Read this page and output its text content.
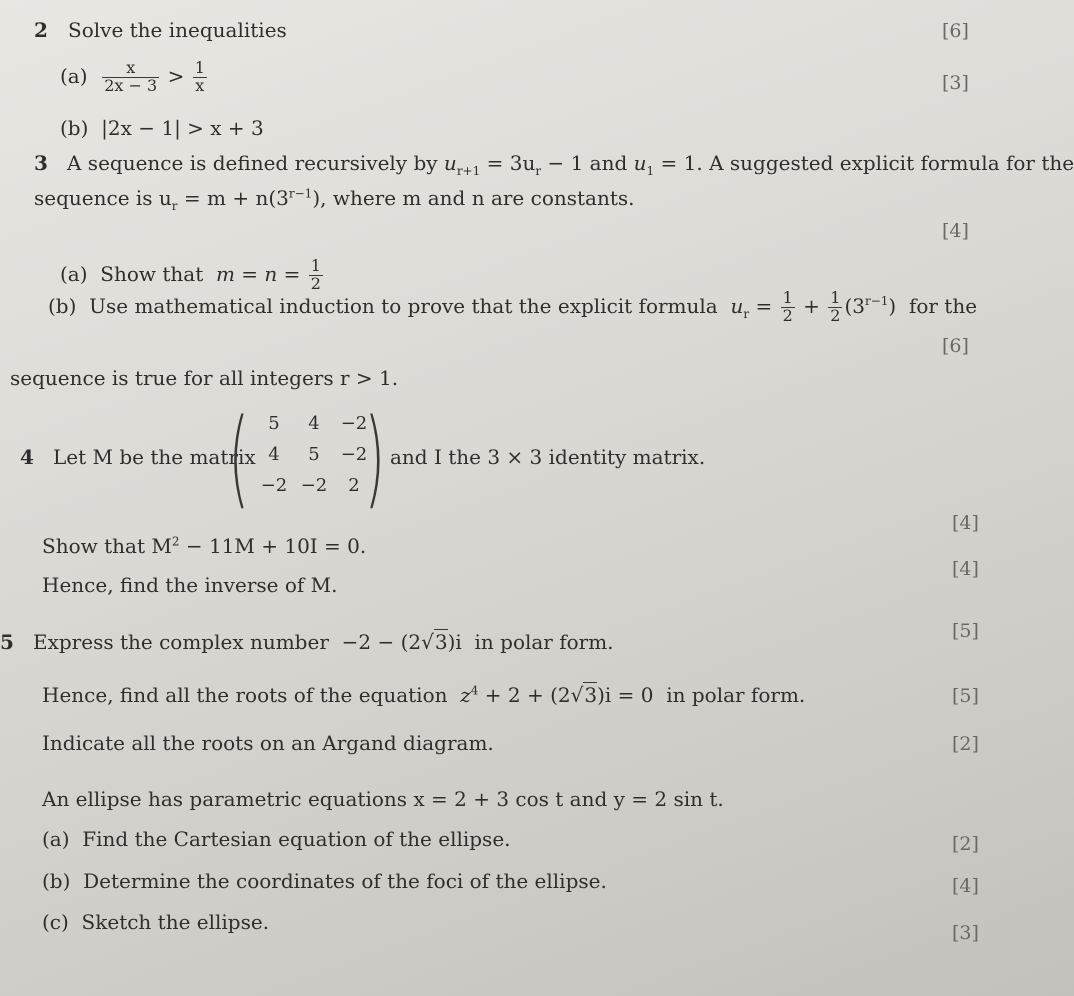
2 Solve the inequalities	[6]
$(a) \frac{x}{2x - 3} > \frac{1}{x}$	[3]
(b) |2x − 1| > x + 3
3 A sequence is defined recursively by $u_{r+1} = 3u_r - 1$ and $u_1 = 1$. A suggested explicit formula for the
sequence is $u_r = m + n(3^{r-1})$, where m and n are constants.
[4]
(a) Show that $m = n = \frac{1}{2}$
(b) Use mathematical induction to prove that the explicit formula $u_r = \frac{1}{2} + \frac{1}{2} (3^{r-1})$ for the
[6]
sequence is true for all integers r > 1.
4 Let M be the matrix
(	5	4	−2
4	5	−2
−2 −2	2 ) and I the 3 × 3 identity matrix.
Show that $M^2 - 11M + 10I = 0$.
[4]
Hence, find the inverse of M.
[4]
5 Express the complex number −2 − (2√3)i in polar form.	[5]
Hence, find all the roots of the equation $z^4 + 2 + (2√3)i = 0$ in polar form.	[5]
Indicate all the roots on an Argand diagram.	[2]
An ellipse has parametric equations x = 2 + 3 cos t and y = 2 sin t.
(a) Find the Cartesian equation of the ellipse.	[2]
(b) Determine the coordinates of the foci of the ellipse.	[4]
(c) Sketch the ellipse.	[3]
